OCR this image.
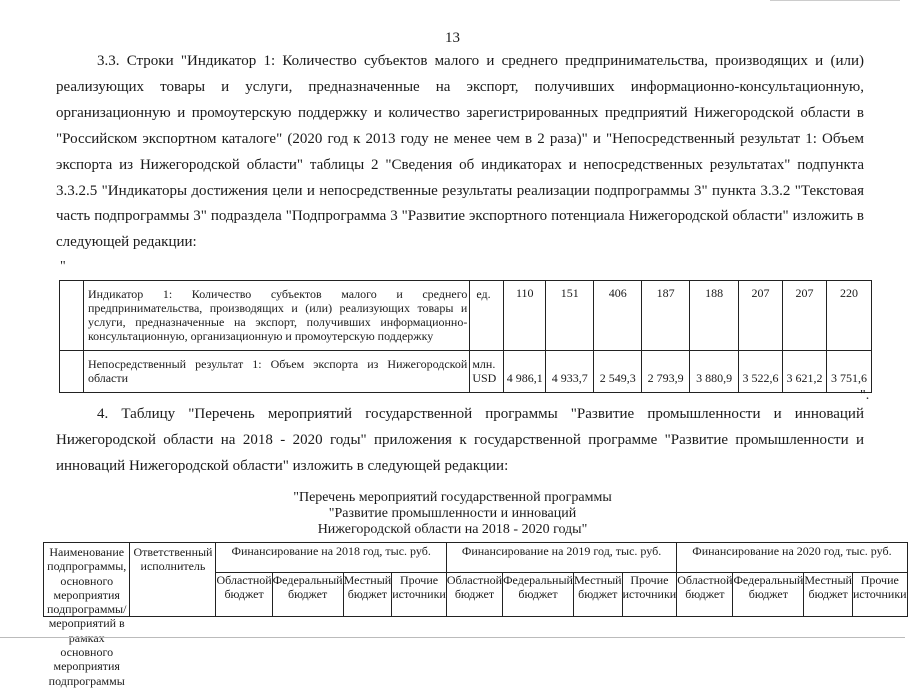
13

3.3. Строки "Индикатор 1: Количество субъектов малого и среднего предпринимательства, производящих и (или) реализующих товары и услуги, предназначенные на экспорт, получивших информационно-консультационную, организационную и промоутерскую поддержку и количество зарегистрированных предприятий Нижегородской области в "Российском экспортном каталоге" (2020 год к 2013 году не менее чем в 2 раза)" и "Непосредственный результат 1: Объем экспорта из Нижегородской области" таблицы 2 "Сведения об индикаторах и непосредственных результатах" подпункта 3.3.2.5 "Индикаторы достижения цели и непосредственные результаты реализации подпрограммы 3" пункта 3.3.2 "Текстовая часть подпрограммы 3" подраздела "Подпрограмма 3 "Развитие экспортного потенциала Нижегородской области" изложить в следующей редакции:

"
	Индикатор 1: Количество субъектов малого и среднего предпринимательства, производящих и (или) реализующих товары и услуги, предназначенные на экспорт, получивших информационно-консультационную, организационную и промоутерскую поддержку	ед.	110	151	406	187	188	207	207	220
	Непосредственный результат 1: Объем экспорта из Нижегородской области	млн. USD	4 986,1	4 933,7	2 549,3	2 793,9	3 880,9	3 522,6	3 621,2	3 751,6
".

4. Таблицу "Перечень мероприятий государственной программы "Развитие промышленности и инноваций Нижегородской области на 2018 - 2020 годы" приложения к государственной программе "Развитие промышленности и инноваций Нижегородской области" изложить в следующей редакции:

"Перечень мероприятий государственной программы
"Развитие промышленности и инноваций
Нижегородской области на 2018 - 2020 годы"
Наименование подпрограммы, основного мероприятия подпрограммы/мероприятий в основного мероприятия подпрограммы	Ответственный исполнитель	Финансирование на 2018 год, тыс. руб.				Финансирование на 2019 год, тыс. руб.				Финансирование на 2020 год, тыс. руб.			

		Областной бюджет	Федеральный бюджет	Местный бюджет	Прочие источники	Областной бюджет	Федеральный бюджет	Местный бюджет	Прочие источники	Областной бюджет	Федеральный бюджет	Местный бюджет	Прочие источники
